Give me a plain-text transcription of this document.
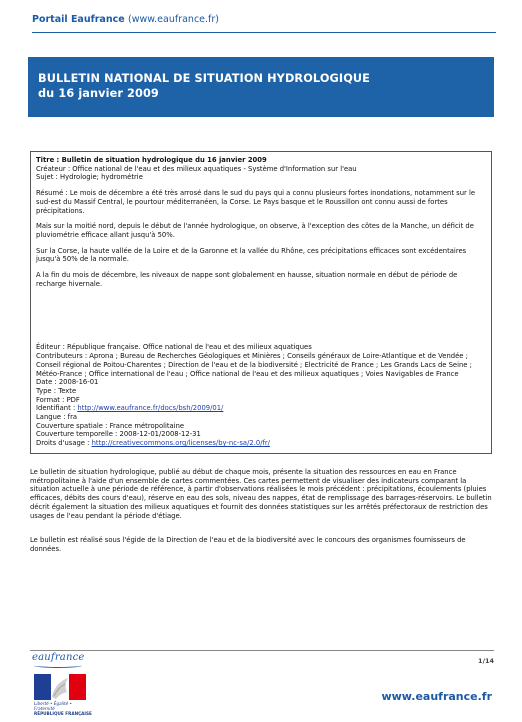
Portail Eaufrance (www.eaufrance.fr)
BULLETIN NATIONAL DE SITUATION HYDROLOGIQUE
du 16 janvier 2009

Titre : Bulletin de situation hydrologique du 16 janvier 2009

Créateur : Office national de l'eau et des milieux aquatiques - Système d'Information sur l'eau

Sujet : Hydrologie; hydrométrie

Résumé : Le mois de décembre a été très arrosé dans le sud du pays qui a connu plusieurs fortes inondations, notamment sur le sud-est du Massif Central, le pourtour méditerranéen, la Corse. Le Pays basque et le Roussillon ont connu aussi de fortes précipitations.

Mais sur la moitié nord, depuis le début de l'année hydrologique, on observe, à l'exception des côtes de la Manche, un déficit de pluviométrie efficace allant jusqu'à 50%.

Sur la Corse, la haute vallée de la Loire et de la Garonne et la vallée du Rhône, ces précipitations efficaces sont excédentaires jusqu'à 50% de la normale.

A la fin du mois de décembre, les niveaux de nappe sont globalement en hausse, situation normale en début de période de recharge hivernale.

Éditeur : République française. Office national de l'eau et des milieux aquatiques

Contributeurs : Aprona ; Bureau de Recherches Géologiques et Minières ; Conseils généraux de Loire-Atlantique et de Vendée ; Conseil régional de Poitou-Charentes ; Direction de l'eau et de la biodiversité ; Electricité de France ; Les Grands Lacs de Seine ; Météo-France ; Office international de l'eau ; Office national de l'eau et des milieux aquatiques ; Voies Navigables de France

Date : 2008-16-01

Type : Texte

Format : PDF

Identifiant : http://www.eaufrance.fr/docs/bsh/2009/01/

Langue : fra

Couverture spatiale : France métropolitaine

Couverture temporelle : 2008-12-01/2008-12-31

Droits d'usage : http://creativecommons.org/licenses/by-nc-sa/2.0/fr/

Le bulletin de situation hydrologique, publié au début de chaque mois, présente la situation des ressources en eau en France métropolitaine à l'aide d'un ensemble de cartes commentées. Ces cartes permettent de visualiser des indicateurs comparant la situation actuelle à une période de référence, à partir d'observations réalisées le mois précédent : précipitations, écoulements (pluies efficaces, débits des cours d'eau), réserve en eau des sols, niveau des nappes, état de remplissage des barrages-réservoirs. Le bulletin décrit également la situation des milieux aquatiques et fournit des données statistiques sur les arrêtés préfectoraux de restriction des usages de l'eau pendant la période d'étiage.

Le bulletin est réalisé sous l'égide de la Direction de l'eau et de la biodiversité avec le concours des organismes fournisseurs de données.

eaufrance
Liberté • Égalité • Fraternité
RÉPUBLIQUE FRANÇAISE
1/14
www.eaufrance.fr
